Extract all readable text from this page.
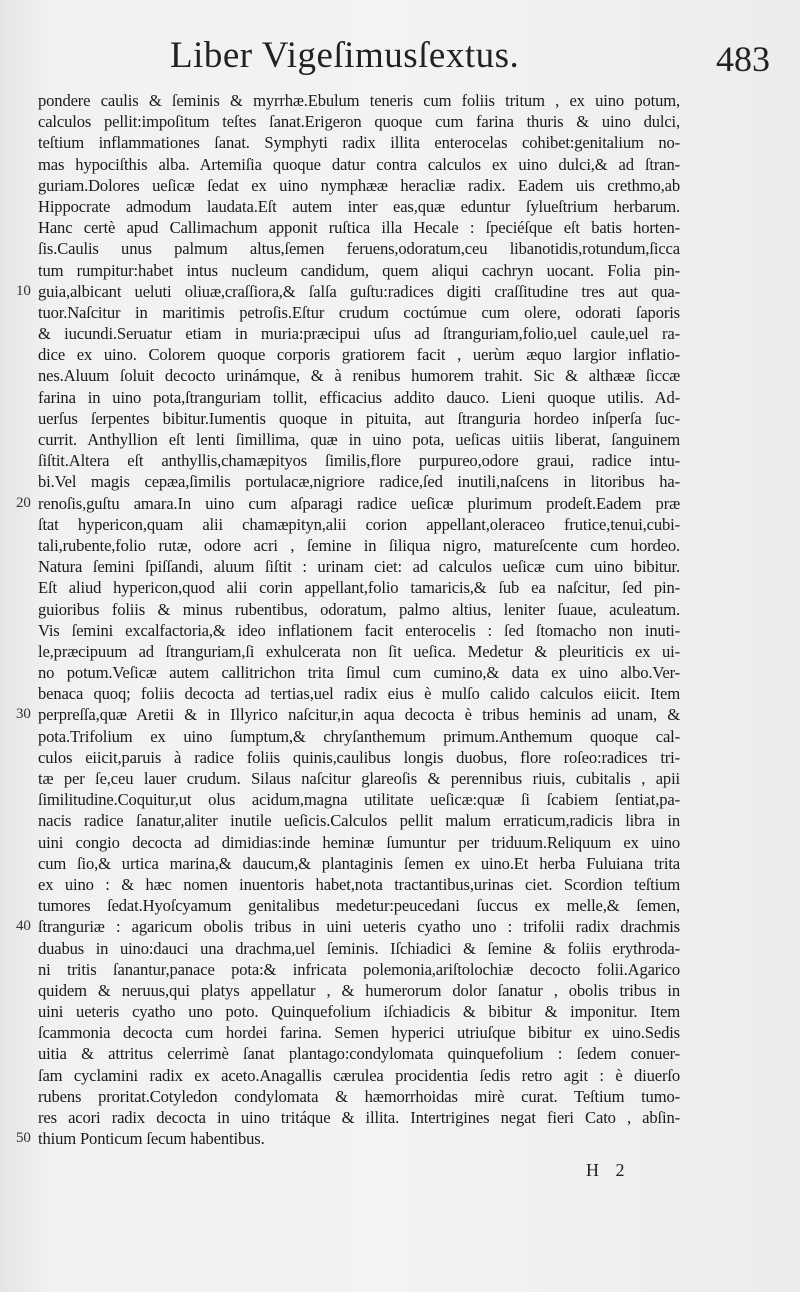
Liber Vigeſimusſextus.	483
pondere caulis & ſeminis & myrrhæ.Ebulum teneris cum foliis tritum , ex uino potum,
calculos pellit:impoſitum teſtes ſanat.Erigeron quoque cum farina thuris & uino dulci,
teſtium inflammationes ſanat. Symphyti radix illita enterocelas cohibet:genitalium no-
mas hypociſthis alba. Artemiſia quoque datur contra calculos ex uino dulci,& ad ſtran-
guriam.Dolores ueſicæ ſedat ex uino nymphææ heracliæ radix. Eadem uis crethmo,ab
Hippocrate admodum laudata.Eſt autem inter eas,quæ eduntur ſylueſtrium herbarum.
Hanc certè apud Callimachum apponit ruſtica illa Hecale : ſpeciéſque eſt batis horten-
ſis.Caulis unus palmum altus,ſemen feruens,odoratum,ceu libanotidis,rotundum,ſicca
tum rumpitur:habet intus nucleum candidum, quem aliqui cachryn uocant. Folia pin-
guia,albicant ueluti oliuæ,craſſiora,& ſalſa guſtu:radices digiti craſſitudine tres aut qua-
10
tuor.Naſcitur in maritimis petroſis.Eſtur crudum coctúmue cum olere, odorati ſaporis
& iucundi.Seruatur etiam in muria:præcipui uſus ad ſtranguriam,folio,uel caule,uel ra-
dice ex uino. Colorem quoque corporis gratiorem facit , uerùm æquo largior inflatio-
nes.Aluum ſoluit decocto urinámque, & à renibus humorem trahit. Sic & althææ ſiccæ
farina in uino pota,ſtranguriam tollit, efficacius addito dauco. Lieni quoque utilis. Ad-
uerſus ſerpentes bibitur.Iumentis quoque in pituita, aut ſtranguria hordeo inſperſa ſuc-
currit. Anthyllion eſt lenti ſimillima, quæ in uino pota, ueſicas uitiis liberat, ſanguinem
ſiſtit.Altera eſt anthyllis,chamæpityos ſimilis,flore purpureo,odore graui, radice intu-
bi.Vel magis cepæa,ſimilis portulacæ,nigriore radice,ſed inutili,naſcens in litoribus ha-
renoſis,guſtu amara.In uino cum aſparagi radice ueſicæ plurimum prodeſt.Eadem præ
20
ſtat hypericon,quam alii chamæpityn,alii corion appellant,oleraceo frutice,tenui,cubi-
tali,rubente,folio rutæ, odore acri , ſemine in ſiliqua nigro, matureſcente cum hordeo.
Natura ſemini ſpiſſandi, aluum ſiſtit : urinam ciet: ad calculos ueſicæ cum uino bibitur.
Eſt aliud hypericon,quod alii corin appellant,folio tamaricis,& ſub ea naſcitur, ſed pin-
guioribus foliis & minus rubentibus, odoratum, palmo altius, leniter ſuaue, aculeatum.
Vis ſemini excalfactoria,& ideo inflationem facit enterocelis : ſed ſtomacho non inuti-
le,præcipuum ad ſtranguriam,ſi exhulcerata non ſit ueſica. Medetur & pleuriticis ex ui-
no potum.Veſicæ autem callitrichon trita ſimul cum cumino,& data ex uino albo.Ver-
benaca quoq; foliis decocta ad tertias,uel radix eius è mulſo calido calculos eiicit. Item
perpreſſa,quæ Aretii & in Illyrico naſcitur,in aqua decocta è tribus heminis ad unam, &
30
pota.Trifolium ex uino ſumptum,& chryſanthemum primum.Anthemum quoque cal-
culos eiicit,paruis à radice foliis quinis,caulibus longis duobus, flore roſeo:radices tri-
tæ per ſe,ceu lauer crudum. Silaus naſcitur glareoſis & perennibus riuis, cubitalis , apii
ſimilitudine.Coquitur,ut olus acidum,magna utilitate ueſicæ:quæ ſi ſcabiem ſentiat,pa-
nacis radice ſanatur,aliter inutile ueſicis.Calculos pellit malum erraticum,radicis libra in
uini congio decocta ad dimidias:inde heminæ ſumuntur per triduum.Reliquum ex uino
cum ſio,& urtica marina,& daucum,& plantaginis ſemen ex uino.Et herba Fuluiana trita
ex uino : & hæc nomen inuentoris habet,nota tractantibus,urinas ciet. Scordion teſtium
tumores ſedat.Hyoſcyamum genitalibus medetur:peucedani ſuccus ex melle,& ſemen,
ſtranguriæ : agaricum obolis tribus in uini ueteris cyatho uno : trifolii radix drachmis
40
duabus in uino:dauci una drachma,uel ſeminis. Iſchiadici & ſemine & foliis erythroda-
ni tritis ſanantur,panace pota:& infricata polemonia,ariſtolochiæ decocto folii.Agarico
quidem & neruus,qui platys appellatur , & humerorum dolor ſanatur , obolis tribus in
uini ueteris cyatho uno poto. Quinquefolium iſchiadicis & bibitur & imponitur. Item
ſcammonia decocta cum hordei farina. Semen hyperici utriuſque bibitur ex uino.Sedis
uitia & attritus celerrimè ſanat plantago:condylomata quinquefolium : ſedem conuer-
ſam cyclamini radix ex aceto.Anagallis cærulea procidentia ſedis retro agit : è diuerſo
rubens proritat.Cotyledon condylomata & hæmorrhoidas mirè curat. Teſtium tumo-
res acori radix decocta in uino tritáque & illita. Intertrigines negat fieri Cato , abſin-
thium Ponticum ſecum habentibus.
50
H 2
